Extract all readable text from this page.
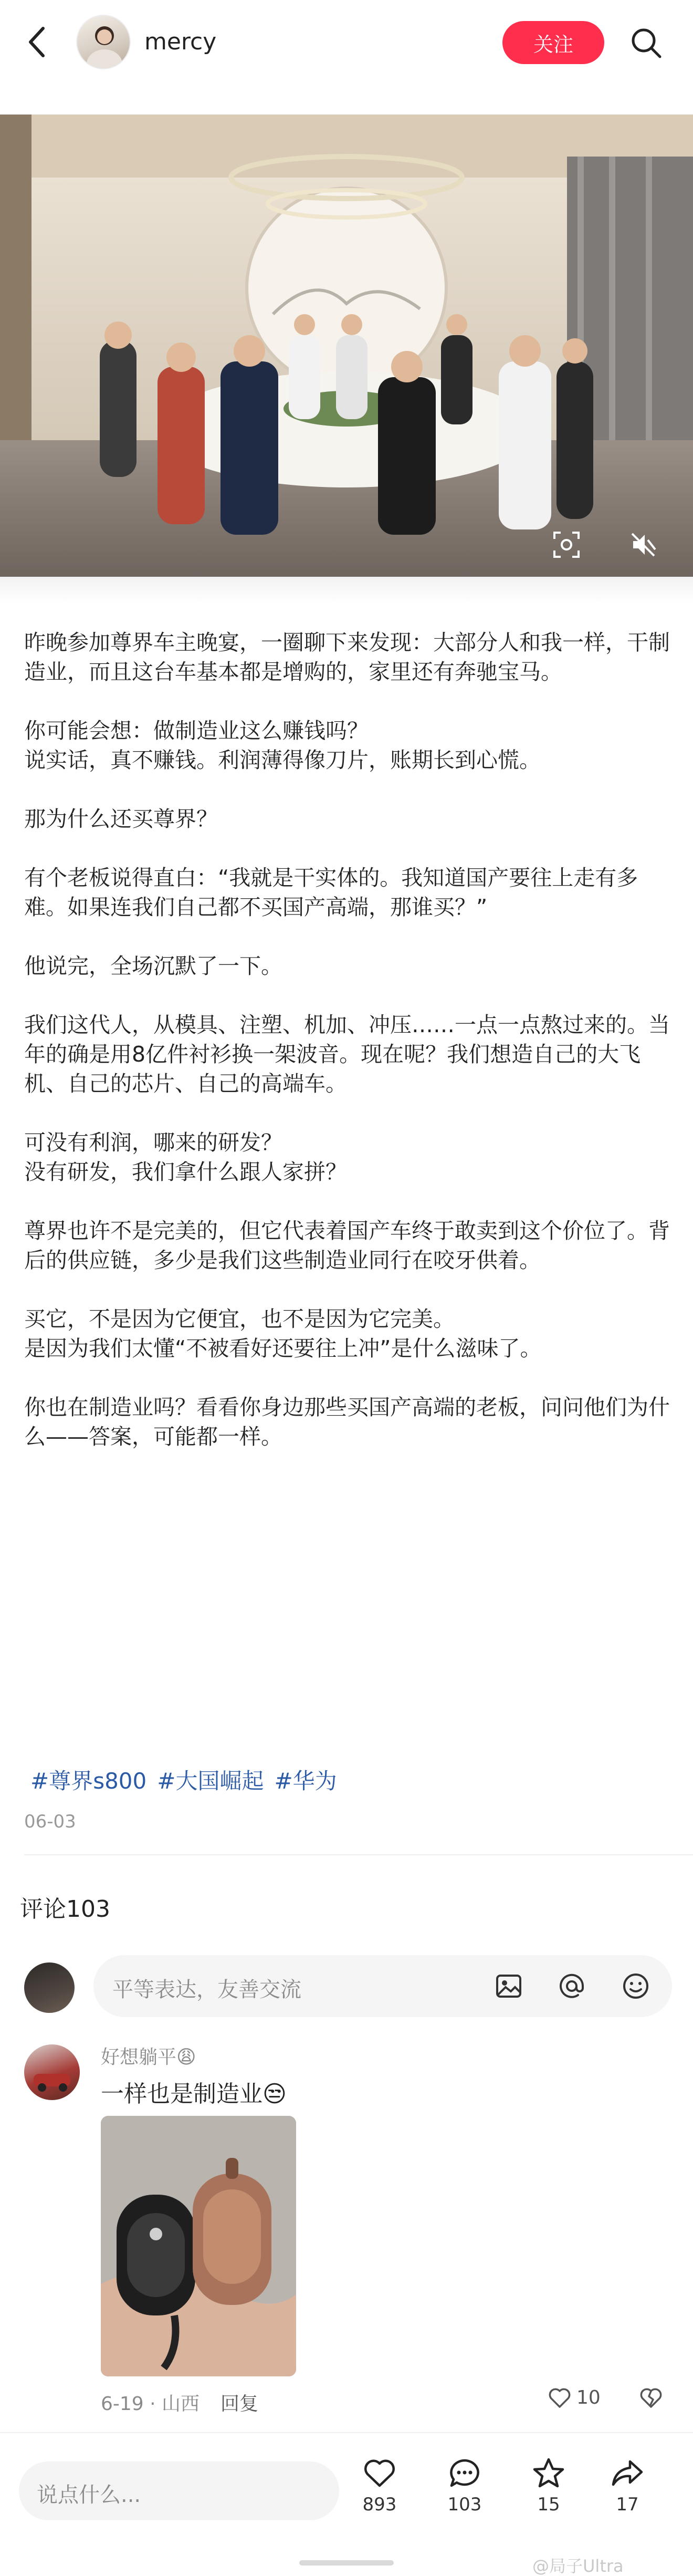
mercy	关注

昨晚参加尊界车主晚宴，一圈聊下来发现：大部分人和我一样，干制造业，而且这台车基本都是增购的，家里还有奔驰宝马。

你可能会想：做制造业这么赚钱吗？
说实话，真不赚钱。利润薄得像刀片，账期长到心慌。

那为什么还买尊界？

有个老板说得直白：“我就是干实体的。我知道国产要往上走有多难。如果连我们自己都不买国产高端，那谁买？”

他说完，全场沉默了一下。

我们这代人，从模具、注塑、机加、冲压……一点一点熬过来的。当年的确是用8亿件衬衫换一架波音。现在呢？我们想造自己的大飞机、自己的芯片、自己的高端车。

可没有利润，哪来的研发？
没有研发，我们拿什么跟人家拼？

尊界也许不是完美的，但它代表着国产车终于敢卖到这个价位了。背后的供应链，多少是我们这些制造业同行在咬牙供着。

买它，不是因为它便宜，也不是因为它完美。
是因为我们太懂“不被看好还要往上冲”是什么滋味了。

你也在制造业吗？看看你身边那些买国产高端的老板，问问他们为什么——答案，可能都一样。

#尊界s800 #大国崛起 #华为
06-03
评论103
平等表达，友善交流
好想躺平😩
一样也是制造业😒
6-19 · 山西 回复	10
说点什么...	893	103	15	17
@局子Ultra
